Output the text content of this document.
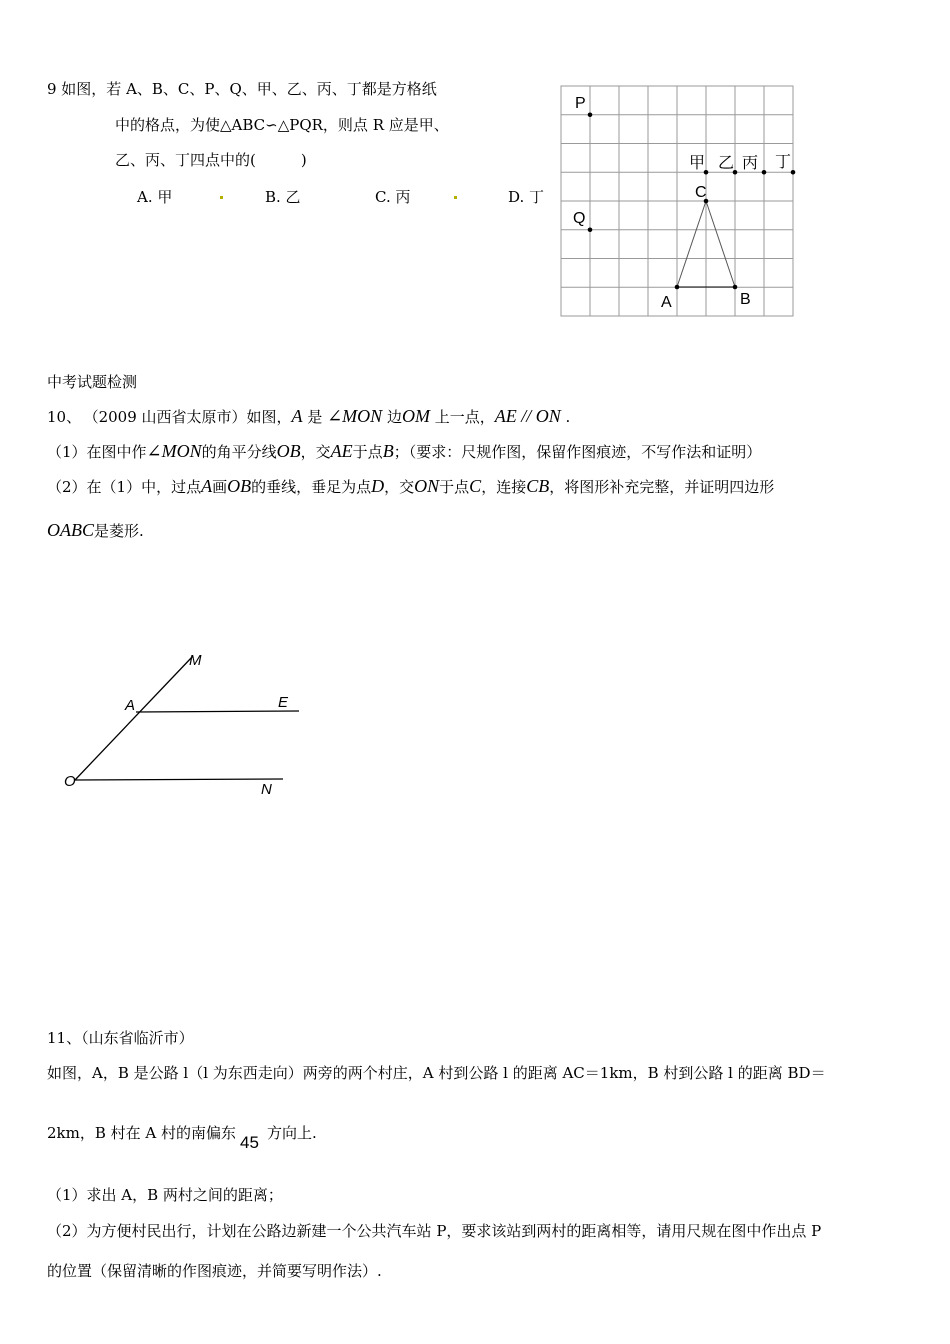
9 如图，若 A、B、C、P、Q、甲、乙、丙、丁都是方格纸
中的格点，为使△ABC∽△PQR，则点 R 应是甲、
乙、丙、丁四点中的(　　　)
A. 甲	B. 乙	C. 丙	D. 丁
P
Q
C
A	B
甲 乙 丙 丁
中考试题检测
10、 （2009 山西省太原市）如图，A 是 ∠MON 边OM 上一点，AE // ON .
（1）在图中作∠MON的角平分线OB，交AE于点B；（要求：尺规作图，保留作图痕迹，不写作法和证明）
（2）在（1）中，过点A画OB的垂线，垂足为点D，交ON于点C，连接CB，将图形补充完整，并证明四边形
OABC是菱形.
M
A	E
O	N
11、（山东省临沂市）
如图，A，B 是公路 l（l 为东西走向）两旁的两个村庄，A 村到公路 l 的距离 AC＝1km，B 村到公路 l 的距离 BD＝
2km，B 村在 A 村的南偏东 45 方向上.
（1）求出 A，B 两村之间的距离；
（2）为方便村民出行，计划在公路边新建一个公共汽车站 P，要求该站到两村的距离相等，请用尺规在图中作出点 P
的位置（保留清晰的作图痕迹，并简要写明作法）.
